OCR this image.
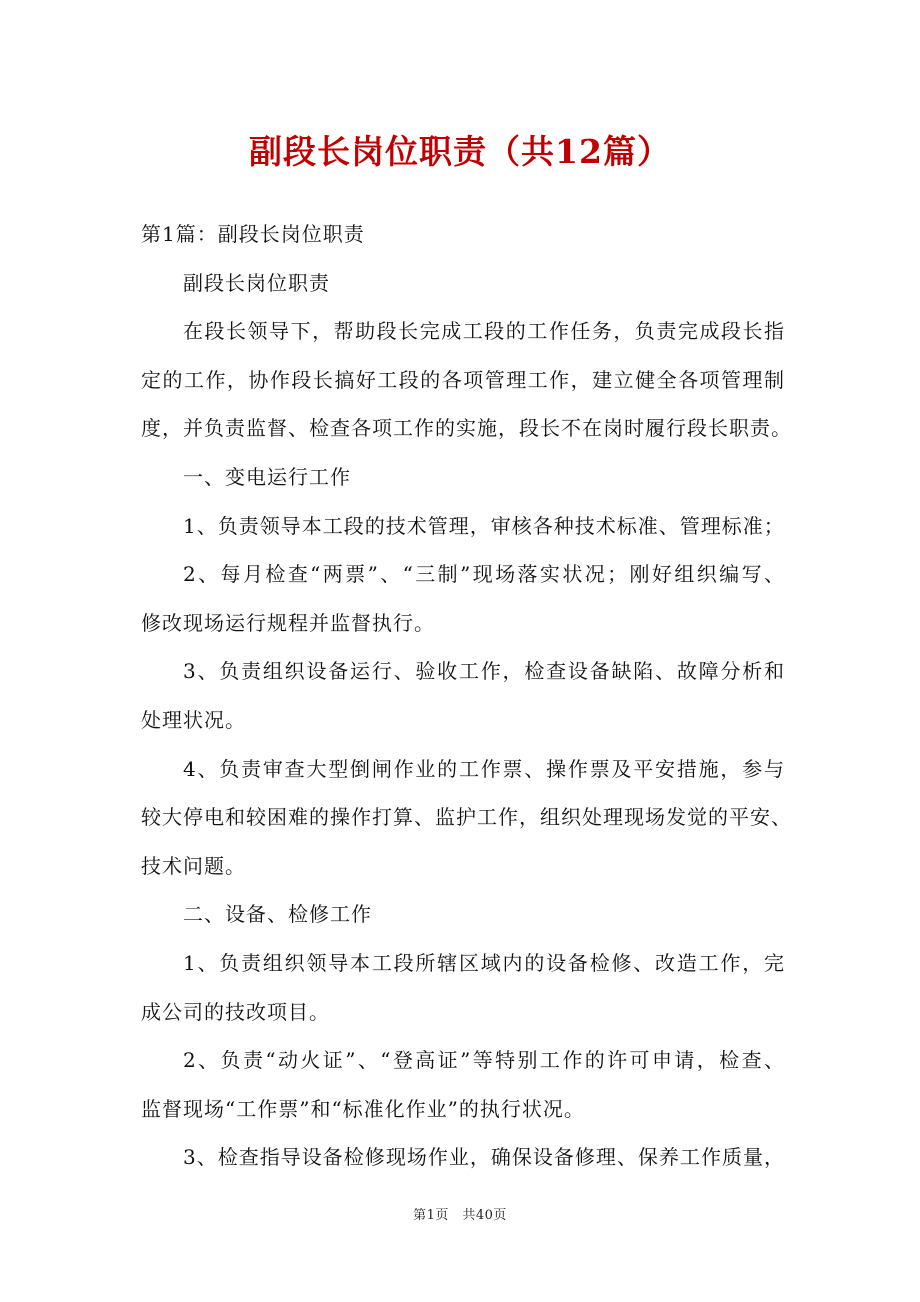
副段长岗位职责（共12篇）

第1篇：副段长岗位职责

副段长岗位职责

在段长领导下，帮助段长完成工段的工作任务，负责完成段长指

定的工作，协作段长搞好工段的各项管理工作，建立健全各项管理制

度，并负责监督、检查各项工作的实施，段长不在岗时履行段长职责。

一、变电运行工作

1、负责领导本工段的技术管理，审核各种技术标准、管理标准；

2、每月检查“两票”、“三制”现场落实状况；刚好组织编写、

修改现场运行规程并监督执行。

3、负责组织设备运行、验收工作，检查设备缺陷、故障分析和

处理状况。

4、负责审查大型倒闸作业的工作票、操作票及平安措施，参与

较大停电和较困难的操作打算、监护工作，组织处理现场发觉的平安、

技术问题。

二、设备、检修工作

1、负责组织领导本工段所辖区域内的设备检修、改造工作，完

成公司的技改项目。

2、负责“动火证”、“登高证”等特别工作的许可申请，检查、

监督现场“工作票”和“标准化作业”的执行状况。

3、检查指导设备检修现场作业，确保设备修理、保养工作质量，

第1页　共40页
